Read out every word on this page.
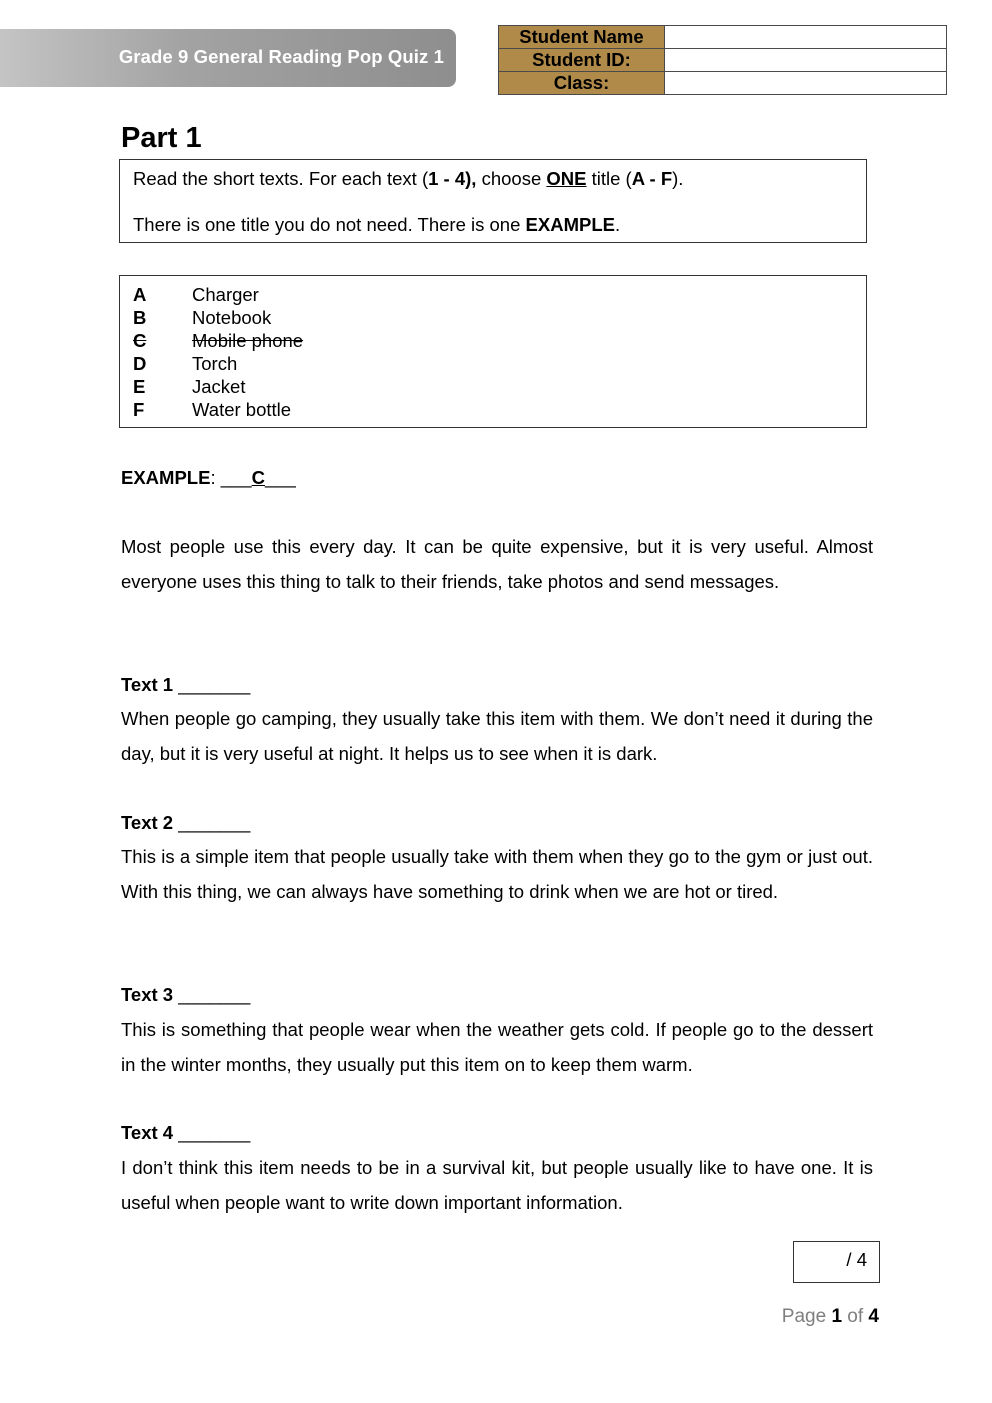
Grade 9 General Reading Pop Quiz 1
Student Name	
Student ID:	
Class:	
Part 1

Read the short texts. For each text (1 - 4), choose ONE title (A - F).

There is one title you do not need. There is one EXAMPLE.

A Charger
B Notebook
C Mobile phone
D Torch
E	Jacket
F	Water bottle
EXAMPLE: ___C___

Most people use this every day. It can be quite expensive, but it is very useful. Almost everyone uses this thing to talk to their friends, take photos and send messages.

Text 1 _______

When people go camping, they usually take this item with them. We don’t need it during the day, but it is very useful at night. It helps us to see when it is dark.

Text 2 _______

This is a simple item that people usually take with them when they go to the gym or just out. With this thing, we can always have something to drink when we are hot or tired.

Text 3 _______

This is something that people wear when the weather gets cold. If people go to the dessert in the winter months, they usually put this item on to keep them warm.

Text 4 _______

I don’t think this item needs to be in a survival kit, but people usually like to have one. It is useful when people want to write down important information.

/ 4
Page 1 of 4
